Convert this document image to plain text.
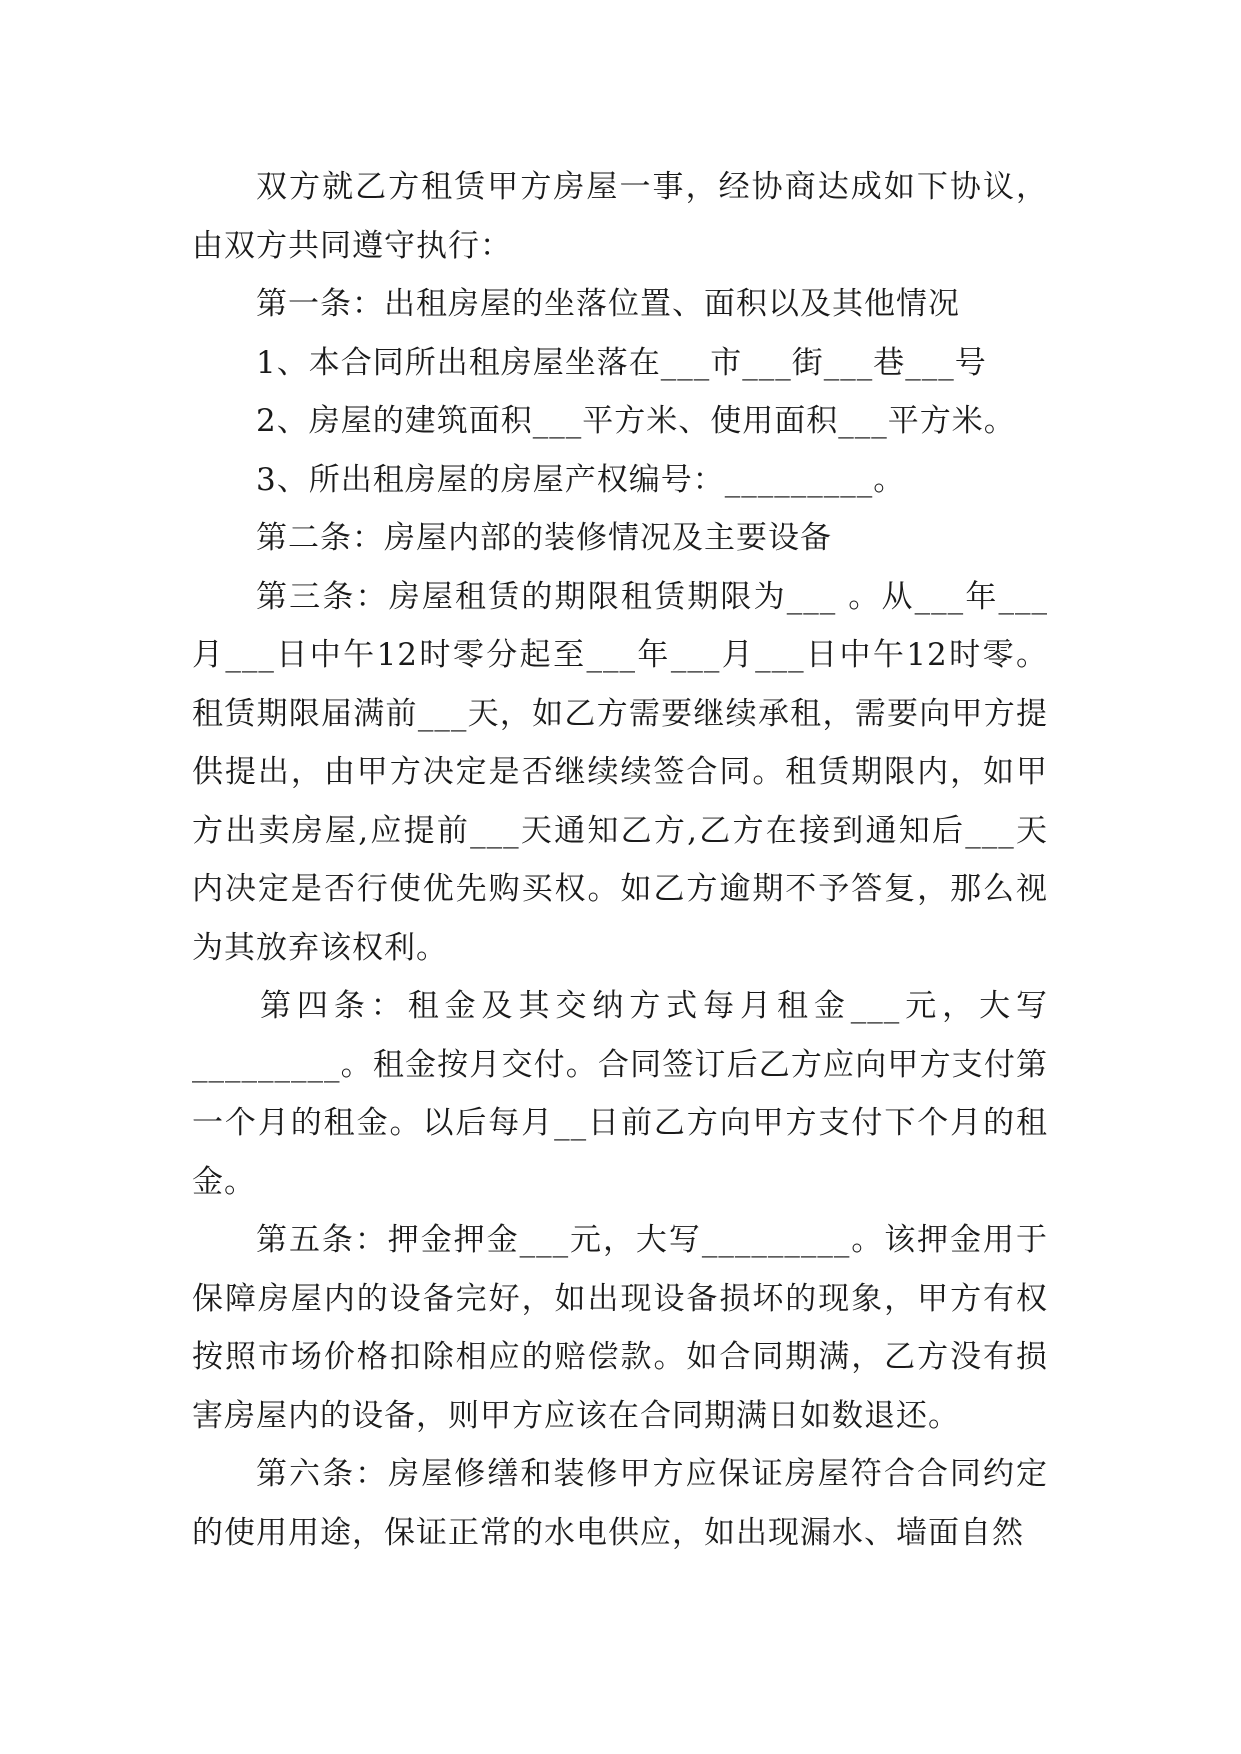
双方就乙方租赁甲方房屋一事，经协商达成如下协议，由双方共同遵守执行：

第一条：出租房屋的坐落位置、面积以及其他情况

1、本合同所出租房屋坐落在___市___街___巷___号

2、房屋的建筑面积___平方米、使用面积___平方米。

3、所出租房屋的房屋产权编号：_________。

第二条：房屋内部的装修情况及主要设备

第三条：房屋租赁的期限租赁期限为___ 。从___年___月___日中午12时零分起至___年___月___日中午12时零。租赁期限届满前___天，如乙方需要继续承租，需要向甲方提供提出，由甲方决定是否继续续签合同。租赁期限内，如甲方出卖房屋,应提前___天通知乙方,乙方在接到通知后___天内决定是否行使优先购买权。如乙方逾期不予答复，那么视为其放弃该权利。

第四条：租金及其交纳方式每月租金___元，大写_________。租金按月交付。合同签订后乙方应向甲方支付第一个月的租金。以后每月__日前乙方向甲方支付下个月的租金。

第五条：押金押金___元，大写_________。该押金用于保障房屋内的设备完好，如出现设备损坏的现象，甲方有权按照市场价格扣除相应的赔偿款。如合同期满，乙方没有损害房屋内的设备，则甲方应该在合同期满日如数退还。

第六条：房屋修缮和装修甲方应保证房屋符合合同约定的使用用途，保证正常的水电供应，如出现漏水、墙面自然
